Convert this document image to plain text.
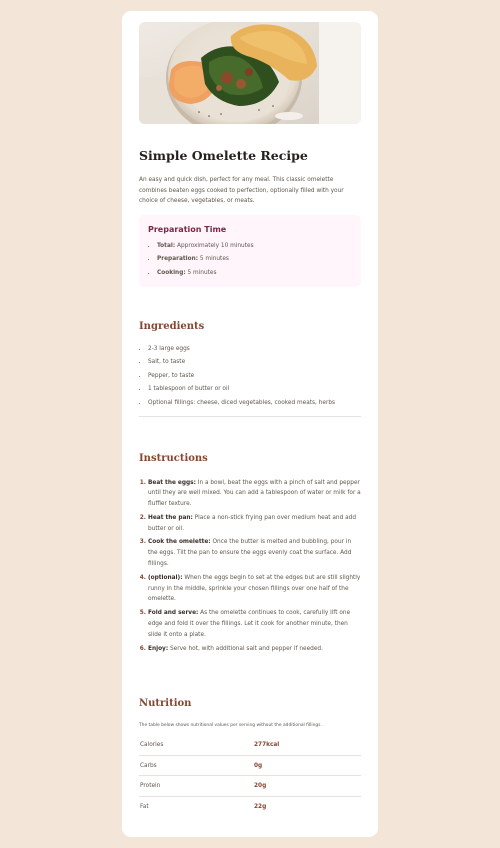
Simple Omelette Recipe

An easy and quick dish, perfect for any meal. This classic omelette combines beaten eggs cooked to perfection, optionally filled with your choice of cheese, vegetables, or meats.

Preparation Time
• Total: Approximately 10 minutes
• Preparation: 5 minutes
• Cooking: 5 minutes
Ingredients
• 2-3 large eggs
• Salt, to taste
• Pepper, to taste
• 1 tablespoon of butter or oil
• Optional fillings: cheese, diced vegetables, cooked meats, herbs
Instructions
1. Beat the eggs: In a bowl, beat the eggs with a pinch of salt and pepper until they are well mixed. You can add a tablespoon of water or milk for a fluffier texture.
2. Heat the pan: Place a non-stick frying pan over medium heat and add butter or oil.
3. Cook the omelette: Once the butter is melted and bubbling, pour in the eggs. Tilt the pan to ensure the eggs evenly coat the surface. Add fillings.
4. (optional): When the eggs begin to set at the edges but are still slightly runny in the middle, sprinkle your chosen fillings over one half of the omelette.
5. Fold and serve: As the omelette continues to cook, carefully lift one edge and fold it over the fillings. Let it cook for another minute, then slide it onto a plate.
6. Enjoy: Serve hot, with additional salt and pepper if needed.
Nutrition

The table below shows nutritional values per serving without the additional fillings.

Calories	277kcal
Carbs	0g
Protein	20g
Fat	22g
